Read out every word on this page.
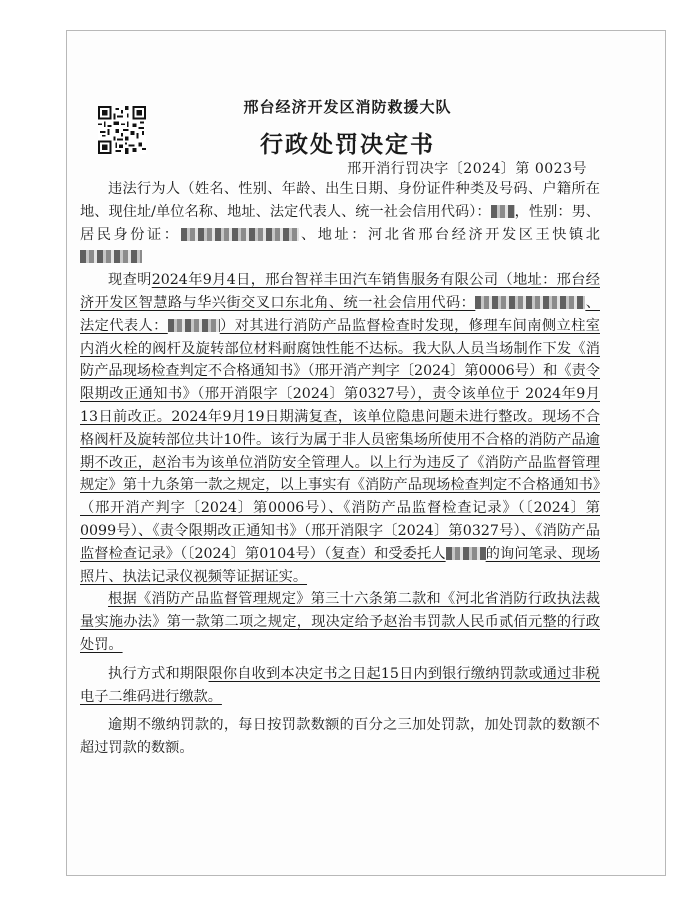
邢台经济开发区消防救援大队
行政处罚决定书
邢开消行罚决字〔2024〕第 0023号

违法行为人（姓名、性别、年龄、出生日期、身份证件种类及号码、户籍所在地、现住址/单位名称、地址、法定代表人、统一社会信用代码）： ，性别：男、居民身份证：	、地址：河北省邢台经济开发区王快镇北

现查明2024年9月4日，邢台智祥丰田汽车销售服务有限公司（地址：邢台经济开发区智慧路与华兴街交叉口东北角、统一社会信用代码：	、法定代表人：	）对其进行消防产品监督检查时发现，修理车间南侧立柱室内消火栓的阀杆及旋转部位材料耐腐蚀性能不达标。我大队人员当场制作下发《消防产品现场检查判定不合格通知书》（邢开消产判字〔2024〕第0006号）和《责令限期改正通知书》（邢开消限字〔2024〕第0327号），责令该单位于 2024年9月13日前改正。2024年9月19日期满复查，该单位隐患问题未进行整改。现场不合格阀杆及旋转部位共计10件。该行为属于非人员密集场所使用不合格的消防产品逾期不改正，赵治韦为该单位消防安全管理人。以上行为违反了《消防产品监督管理规定》第十九条第一款之规定，以上事实有《消防产品现场检查判定不合格通知书》（邢开消产判字〔2024〕第0006号）、《消防产品监督检查记录》（〔2024〕第0099号）、《责令限期改正通知书》（邢开消限字〔2024〕第0327号）、《消防产品监督检查记录》（〔2024〕第0104号）（复查）和受委托人	的询问笔录、现场照片、执法记录仪视频等证据证实。

根据《消防产品监督管理规定》第三十六条第二款和《河北省消防行政执法裁量实施办法》第一款第二项之规定，现决定给予赵治韦罚款人民币贰佰元整的行政处罚。

执行方式和期限限你自收到本决定书之日起15日内到银行缴纳罚款或通过非税电子二维码进行缴款。

逾期不缴纳罚款的，每日按罚款数额的百分之三加处罚款，加处罚款的数额不超过罚款的数额。
